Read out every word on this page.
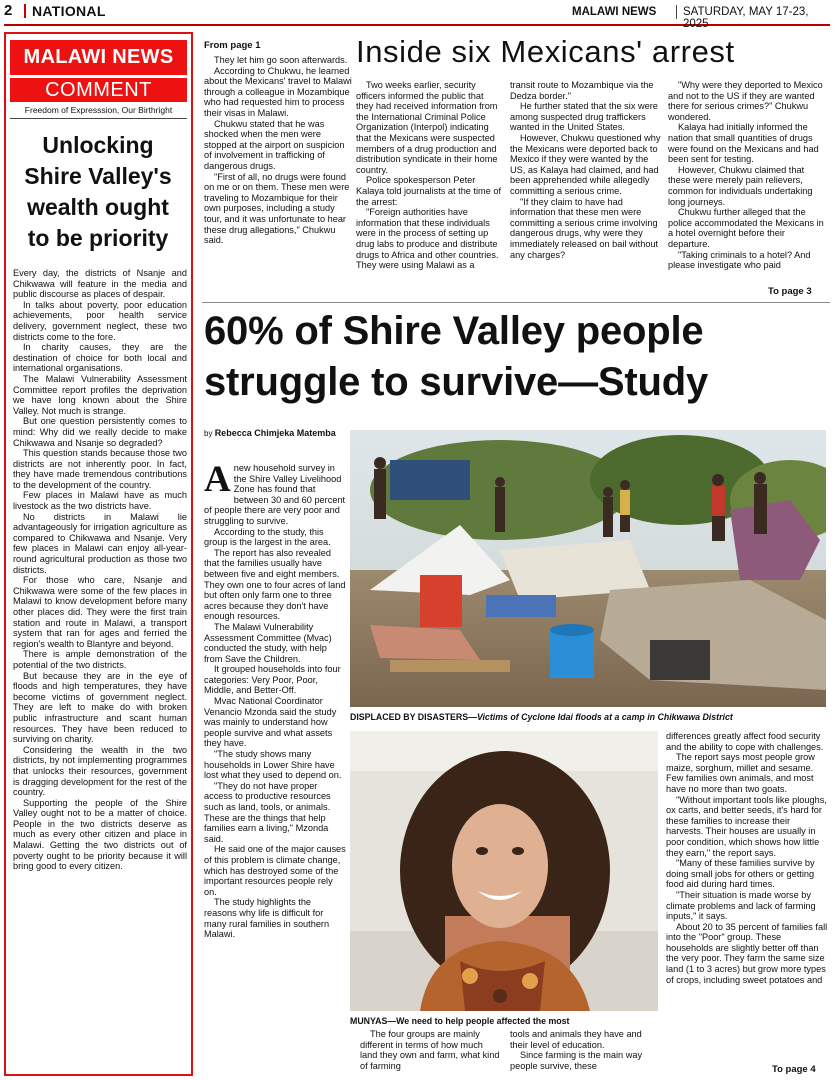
2 NATIONAL	MALAWI NEWS SATURDAY, MAY 17-23, 2025
MALAWI NEWS
COMMENT
Freedom of Expresssion, Our Birthright
Unlocking Shire Valley's wealth ought to be priority

Every day, the districts of Nsanje and Chikwawa will feature in the media and public discourse as places of despair.

In talks about poverty, poor education achievements, poor health service delivery, government neglect, these two districts come to the fore.

In charity causes, they are the destination of choice for both local and international organisations.

The Malawi Vulnerability Assessment Committee report profiles the deprivation we have long known about the Shire Valley. Not much is strange.

But one question persistently comes to mind: Why did we really decide to make Chikwawa and Nsanje so degraded?

This question stands because those two districts are not inherently poor. In fact, they have made tremendous contributions to the development of the country.

Few places in Malawi have as much livestock as the two districts have.

No districts in Malawi lie advantageously for irrigation agriculture as compared to Chikwawa and Nsanje. Very few places in Malawi can enjoy all-year-round agricultural production as those two districts.

For those who care, Nsanje and Chikwawa were some of the few places in Malawi to know development before many other places did. They were the first train station and route in Malawi, a transport system that ran for ages and ferried the region's wealth to Blantyre and beyond.

There is ample demonstration of the potential of the two districts.

But because they are in the eye of floods and high temperatures, they have become victims of government neglect. They are left to make do with broken public infrastructure and scant human resources. They have been reduced to surviving on charity.

Considering the wealth in the two districts, by not implementing programmes that unlocks their resources, government is dragging development for the rest of the country.

Supporting the people of the Shire Valley ought not to be a matter of choice. People in the two districts deserve as much as every other citizen and place in Malawi. Getting the two districts out of poverty ought to be priority because it will bring good to every citizen.

From page 1

They let him go soon afterwards.

According to Chukwu, he learned about the Mexicans' travel to Malawi through a colleague in Mozambique who had requested him to process their visas in Malawi.

Chukwu stated that he was shocked when the men were stopped at the airport on suspicion of involvement in trafficking of dangerous drugs.

"First of all, no drugs were found on me or on them. These men were traveling to Mozambique for their own purposes, including a study tour, and it was unfortunate to hear these drug allegations," Chukwu said.

Inside six Mexicans' arrest

Two weeks earlier, security officers informed the public that they had received information from the International Criminal Police Organization (Interpol) indicating that the Mexicans were suspected members of a drug production and distribution syndicate in their home country.

Police spokesperson Peter Kalaya told journalists at the time of the arrest:

"Foreign authorities have information that these individuals were in the process of setting up drug labs to produce and distribute drugs to Africa and other countries. They were using Malawi as a

transit route to Mozambique via the Dedza border."

He further stated that the six were among suspected drug traffickers wanted in the United States.

However, Chukwu questioned why the Mexicans were deported back to Mexico if they were wanted by the US, as Kalaya had claimed, and had been apprehended while allegedly committing a serious crime.

"If they claim to have had information that these men were committing a serious crime involving dangerous drugs, why were they immediately released on bail without any charges?

"Why were they deported to Mexico and not to the US if they are wanted there for serious crimes?" Chukwu wondered.

Kalaya had initially informed the nation that small quantities of drugs were found on the Mexicans and had been sent for testing.

However, Chukwu claimed that these were merely pain relievers, common for individuals undertaking long journeys.

Chukwu further alleged that the police accommodated the Mexicans in a hotel overnight before their departure.

"Taking criminals to a hotel? And please investigate who paid

To page 3
60% of Shire Valley people struggle to survive—Study
by Rebecca Chimjeka Matemba

Anew household survey in the Shire Valley Livelihood Zone has found that between 30 and 60 percent of people there are very poor and struggling to survive.

According to the study, this group is the largest in the area.

The report has also revealed that the families usually have between five and eight members. They own one to four acres of land but often only farm one to three acres because they don't have enough resources.

The Malawi Vulnerability Assessment Committee (Mvac) conducted the study, with help from Save the Children.

It grouped households into four categories: Very Poor, Poor, Middle, and Better-Off.

Mvac National Coordinator Venancio Mzonda said the study was mainly to understand how people survive and what assets they have.

"The study shows many households in Lower Shire have lost what they used to depend on.

"They do not have proper access to productive resources such as land, tools, or animals. These are the things that help families earn a living," Mzonda said.

He said one of the major causes of this problem is climate change, which has destroyed some of the important resources people rely on.

The study highlights the reasons why life is difficult for many rural families in southern Malawi.

DISPLACED BY DISASTERS—Victims of Cyclone Idai floods at a camp in Chikwawa District
MUNYAS—We need to help people affected the most

The four groups are mainly different in terms of how much land they own and farm, what kind of farming

tools and animals they have and their level of education.

Since farming is the main way people survive, these

differences greatly affect food security and the ability to cope with challenges.

The report says most people grow maize, sorghum, millet and sesame. Few families own animals, and most have no more than two goats.

"Without important tools like ploughs, ox carts, and better seeds, it's hard for these families to increase their harvests. Their houses are usually in poor condition, which shows how little they earn," the report says.

"Many of these families survive by doing small jobs for others or getting food aid during hard times.

"Their situation is made worse by climate problems and lack of farming inputs," it says.

About 20 to 35 percent of families fall into the "Poor" group. These households are slightly better off than the very poor. They farm the same size land (1 to 3 acres) but grow more types of crops, including sweet potatoes and

To page 4
